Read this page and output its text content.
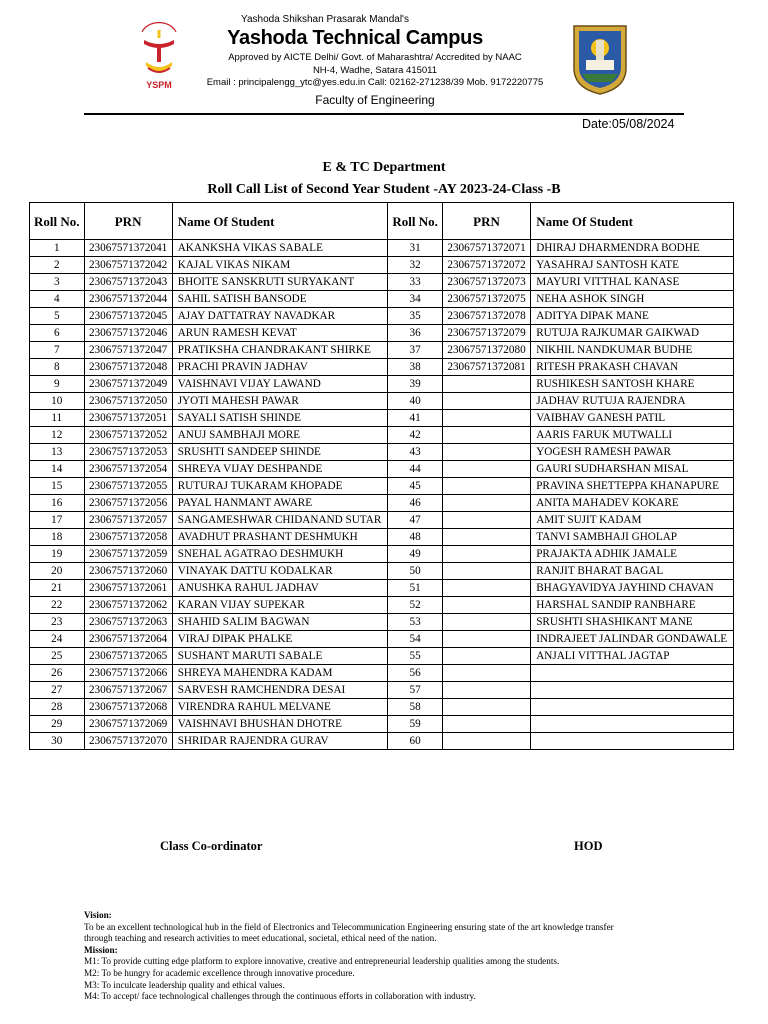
YSPM
Yashoda Shikshan Prasarak Mandal's
Yashoda Technical Campus
Approved by AICTE Delhi/ Govt. of Maharashtra/ Accredited by NAAC
NH-4, Wadhe, Satara 415011
Email : principalengg_ytc@yes.edu.in Call: 02162-271238/39 Mob. 9172220775
Faculty of Engineering
Date:05/08/2024
E & TC Department
Roll Call List of Second Year Student -AY 2023-24-Class -B
Roll No.	PRN	Name Of Student	Roll No.	PRN	Name Of Student
1	23067571372041	AKANKSHA VIKAS SABALE	31	23067571372071	DHIRAJ DHARMENDRA BODHE
2	23067571372042	KAJAL VIKAS NIKAM	32	23067571372072	YASAHRAJ SANTOSH KATE
3	23067571372043	BHOITE SANSKRUTI SURYAKANT	33	23067571372073	MAYURI VITTHAL KANASE
4	23067571372044	SAHIL SATISH BANSODE	34	23067571372075	NEHA ASHOK SINGH
5	23067571372045	AJAY DATTATRAY NAVADKAR	35	23067571372078	ADITYA DIPAK MANE
6	23067571372046	ARUN RAMESH KEVAT	36	23067571372079	RUTUJA RAJKUMAR GAIKWAD
7	23067571372047	PRATIKSHA CHANDRAKANT SHIRKE	37	23067571372080	NIKHIL NANDKUMAR BUDHE
8	23067571372048	PRACHI PRAVIN JADHAV	38	23067571372081	RITESH PRAKASH CHAVAN
9	23067571372049	VAISHNAVI VIJAY LAWAND	39		RUSHIKESH SANTOSH KHARE
10	23067571372050	JYOTI MAHESH PAWAR	40		JADHAV RUTUJA RAJENDRA
11	23067571372051	SAYALI SATISH SHINDE	41		VAIBHAV GANESH PATIL
12	23067571372052	ANUJ SAMBHAJI MORE	42		AARIS FARUK MUTWALLI
13	23067571372053	SRUSHTI SANDEEP SHINDE	43		YOGESH RAMESH PAWAR
14	23067571372054	SHREYA VIJAY DESHPANDE	44		GAURI SUDHARSHAN MISAL
15	23067571372055	RUTURAJ TUKARAM KHOPADE	45		PRAVINA SHETTEPPA KHANAPURE
16	23067571372056	PAYAL HANMANT AWARE	46		ANITA MAHADEV KOKARE
17	23067571372057	SANGAMESHWAR CHIDANAND SUTAR	47		AMIT SUJIT KADAM
18	23067571372058	AVADHUT PRASHANT DESHMUKH	48		TANVI SAMBHAJI GHOLAP
19	23067571372059	SNEHAL AGATRAO DESHMUKH	49		PRAJAKTA ADHIK JAMALE
20	23067571372060	VINAYAK DATTU KODALKAR	50		RANJIT BHARAT BAGAL
21	23067571372061	ANUSHKA RAHUL JADHAV	51		BHAGYAVIDYA JAYHIND CHAVAN
22	23067571372062	KARAN VIJAY SUPEKAR	52		HARSHAL SANDIP RANBHARE
23	23067571372063	SHAHID SALIM BAGWAN	53		SRUSHTI SHASHIKANT MANE
24	23067571372064	VIRAJ DIPAK PHALKE	54		INDRAJEET JALINDAR GONDAWALE
25	23067571372065	SUSHANT MARUTI SABALE	55		ANJALI VITTHAL JAGTAP
26	23067571372066	SHREYA MAHENDRA KADAM	56		
27	23067571372067	SARVESH RAMCHENDRA DESAI	57		
28	23067571372068	VIRENDRA RAHUL MELVANE	58		
29	23067571372069	VAISHNAVI BHUSHAN DHOTRE	59		
30	23067571372070	SHRIDAR RAJENDRA GURAV	60		
Class Co-ordinator	HOD
Vision:
To be an excellent technological hub in the field of Electronics and Telecommunication Engineering ensuring state of the art knowledge transfer
through teaching and research activities to meet educational, societal, ethical need of the nation.
Mission:
M1: To provide cutting edge platform to explore innovative, creative and entrepreneurial leadership qualities among the students.
M2: To be hungry for academic excellence through innovative procedure.
M3: To inculcate leadership quality and ethical values.
M4: To accept/ face technological challenges through the continuous efforts in collaboration with industry.
